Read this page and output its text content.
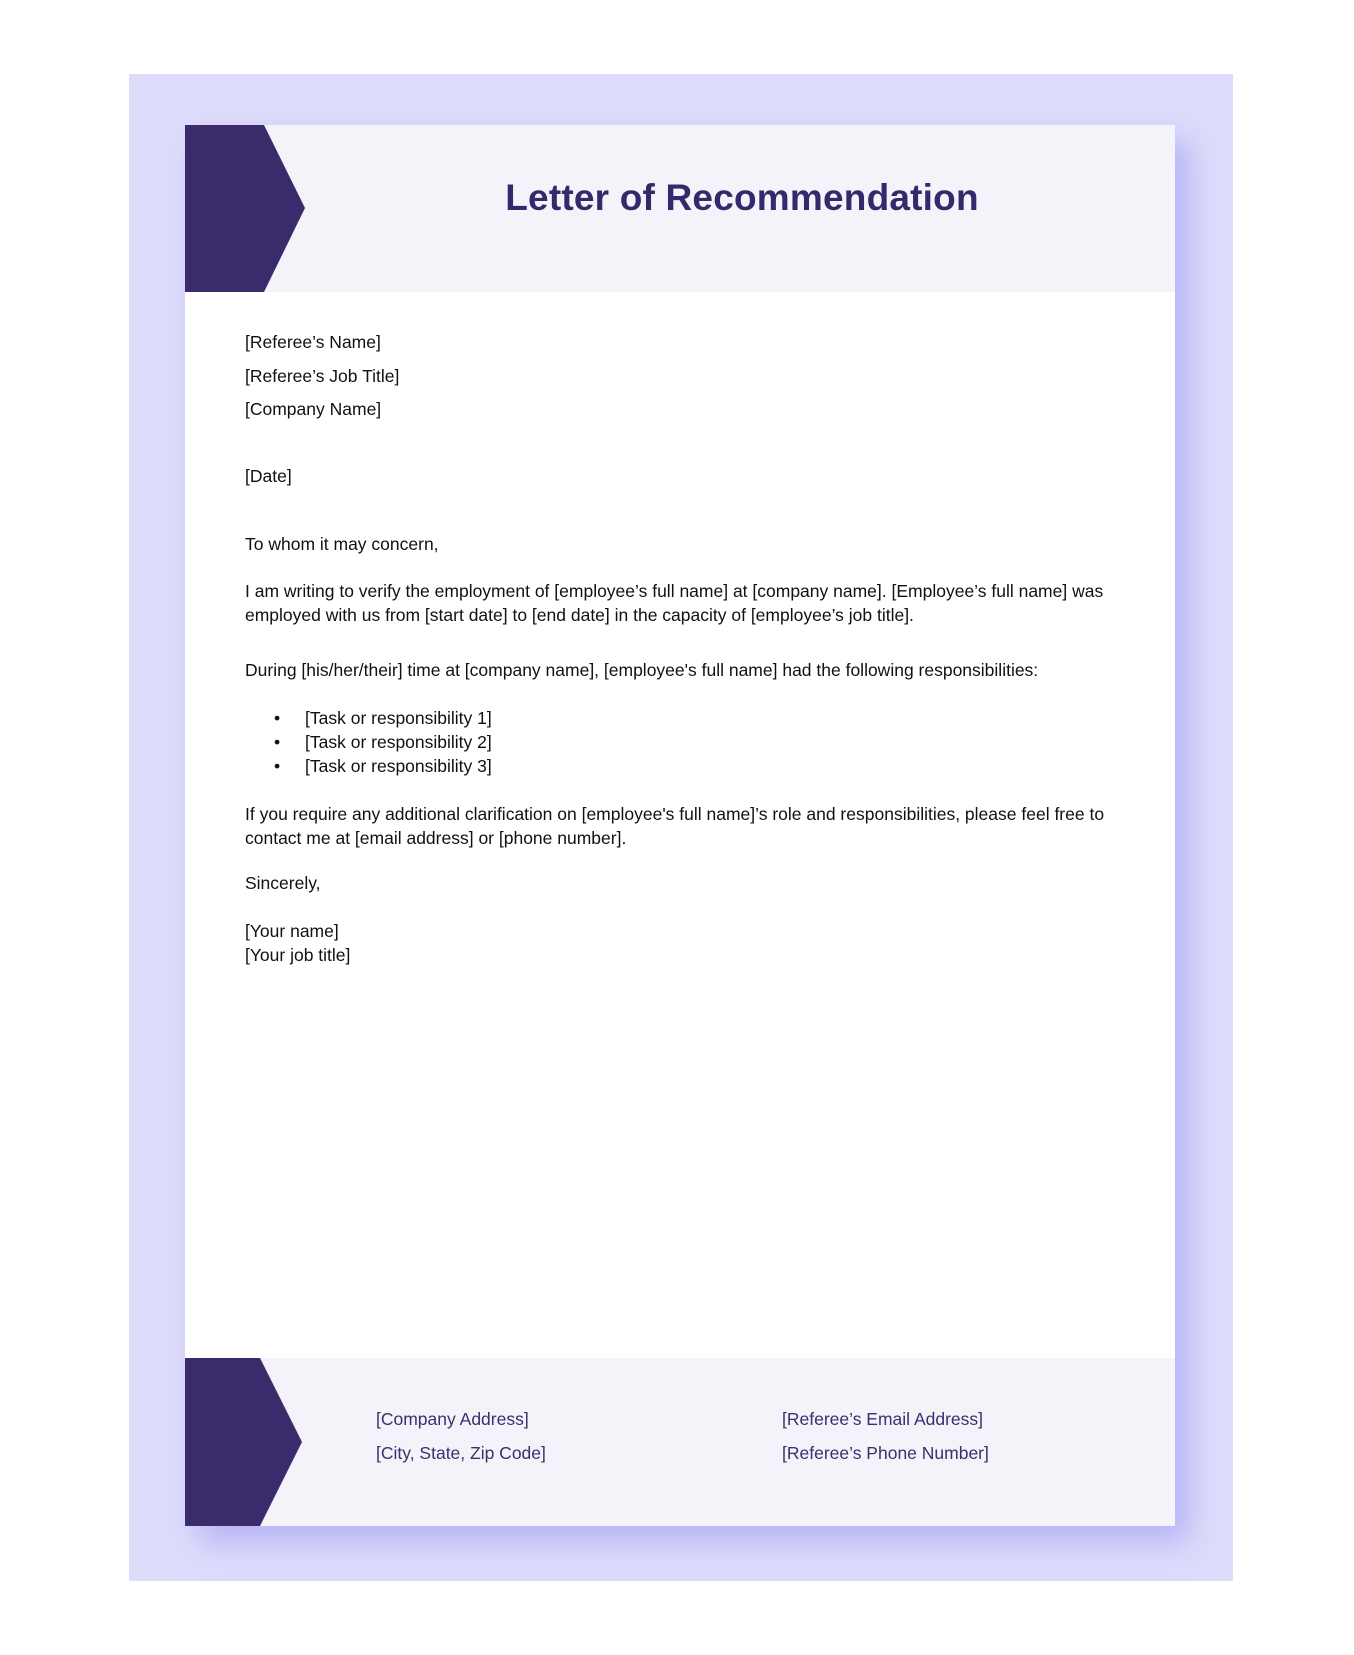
Letter of Recommendation
[Referee’s Name]
[Referee’s Job Title]
[Company Name]
[Date]
To whom it may concern,
I am writing to verify the employment of [employee’s full name] at [company name]. [Employee’s full name] was employed with us from [start date] to [end date] in the capacity of [employee’s job title].
During [his/her/their] time at [company name], [employee's full name] had the following responsibilities:
• [Task or responsibility 1]
• [Task or responsibility 2]
• [Task or responsibility 3]
If you require any additional clarification on [employee's full name]’s role and responsibilities, please feel free to contact me at [email address] or [phone number].
Sincerely,
[Your name]
[Your job title]
[Company Address]
[City, State, Zip Code]
[Referee’s Email Address]
[Referee’s Phone Number]
